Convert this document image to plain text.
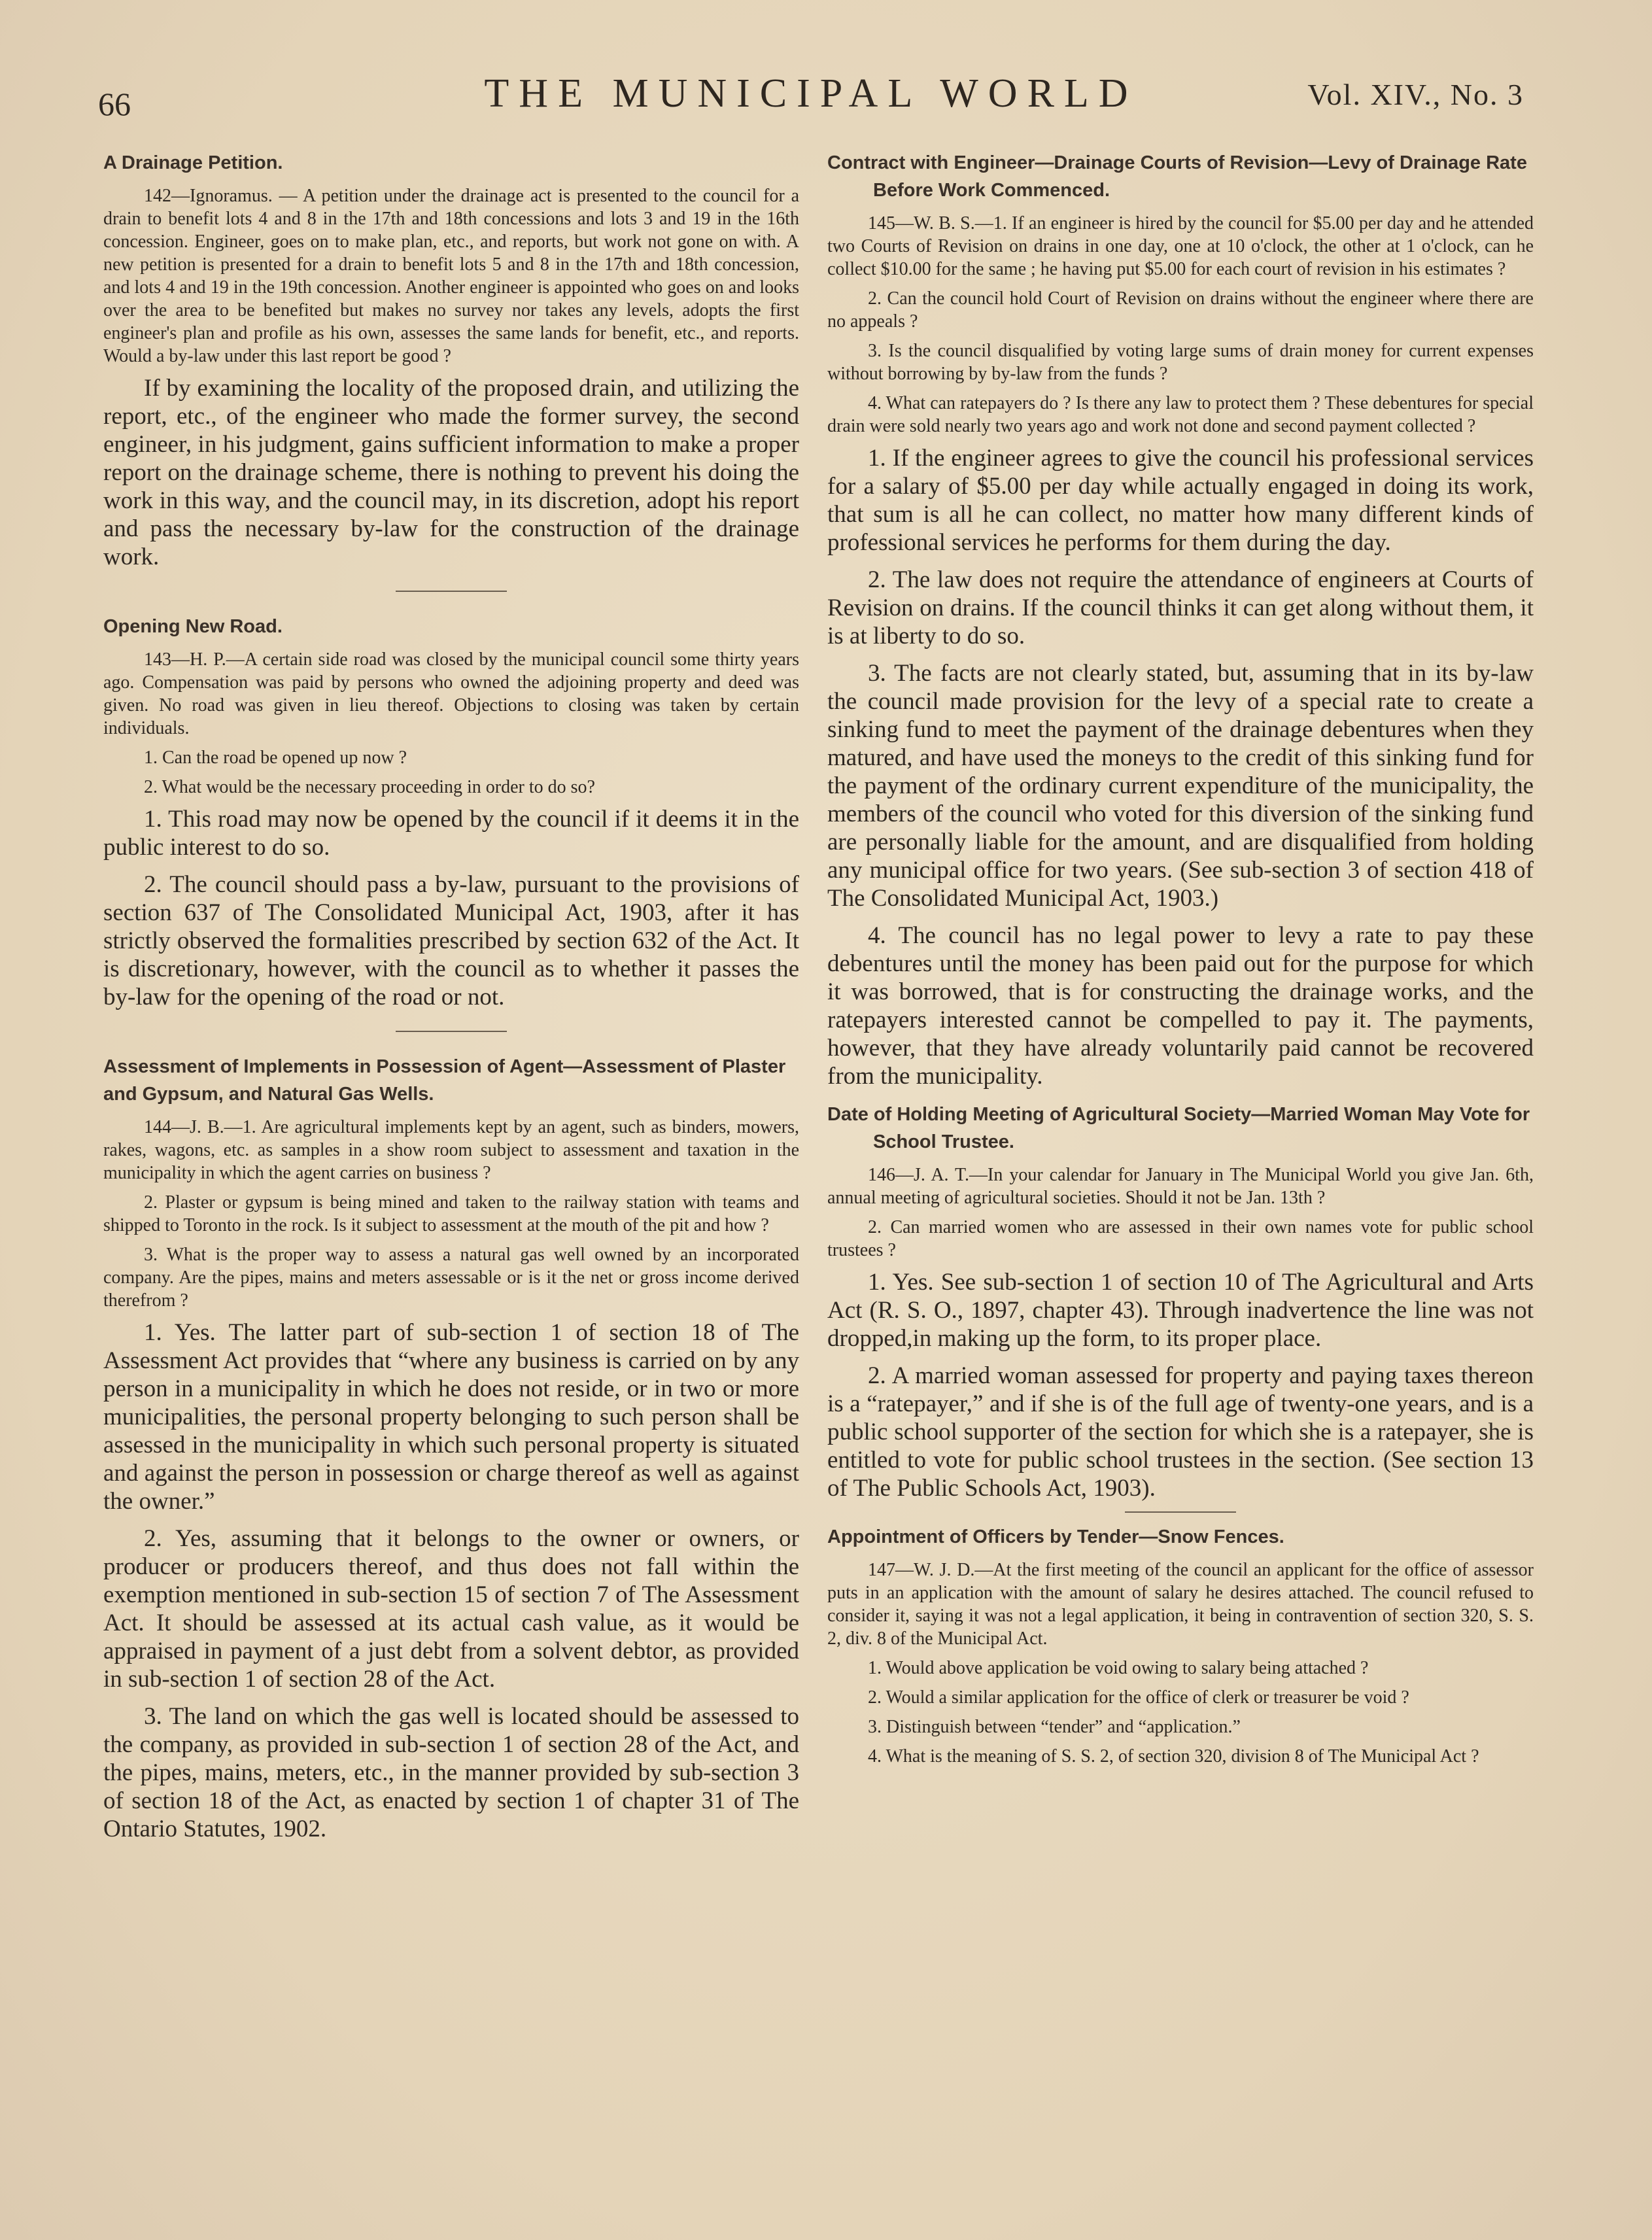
66	THE MUNICIPAL WORLD	Vol. XIV., No. 3
A Drainage Petition.

142—Ignoramus. — A petition under the drainage act is presented to the council for a drain to benefit lots 4 and 8 in the 17th and 18th concessions and lots 3 and 19 in the 16th concession. Engineer, goes on to make plan, etc., and reports, but work not gone on with. A new petition is presented for a drain to benefit lots 5 and 8 in the 17th and 18th concession, and lots 4 and 19 in the 19th concession. Another engineer is appointed who goes on and looks over the area to be benefited but makes no survey nor takes any levels, adopts the first engineer's plan and profile as his own, assesses the same lands for benefit, etc., and reports. Would a by-law under this last report be good ?

If by examining the locality of the proposed drain, and utilizing the report, etc., of the engineer who made the former survey, the second engineer, in his judgment, gains sufficient information to make a proper report on the drainage scheme, there is nothing to prevent his doing the work in this way, and the council may, in its discretion, adopt his report and pass the necessary by-law for the construction of the drainage work.

Opening New Road.

143—H. P.—A certain side road was closed by the municipal council some thirty years ago. Compensation was paid by persons who owned the adjoining property and deed was given. No road was given in lieu thereof. Objections to closing was taken by certain individuals.

1. Can the road be opened up now ?

2. What would be the necessary proceeding in order to do so?

1. This road may now be opened by the council if it deems it in the public interest to do so.

2. The council should pass a by-law, pursuant to the provisions of section 637 of The Consolidated Municipal Act, 1903, after it has strictly observed the formalities prescribed by section 632 of the Act. It is discretionary, however, with the council as to whether it passes the by-law for the opening of the road or not.

Assessment of Implements in Possession of Agent—Assessment of Plaster and Gypsum, and Natural Gas Wells.

144—J. B.—1. Are agricultural implements kept by an agent, such as binders, mowers, rakes, wagons, etc. as samples in a show room subject to assessment and taxation in the municipality in which the agent carries on business ?

2. Plaster or gypsum is being mined and taken to the railway station with teams and shipped to Toronto in the rock. Is it subject to assessment at the mouth of the pit and how ?

3. What is the proper way to assess a natural gas well owned by an incorporated company. Are the pipes, mains and meters assessable or is it the net or gross income derived therefrom ?

1. Yes. The latter part of sub-section 1 of section 18 of The Assessment Act provides that “where any business is carried on by any person in a municipality in which he does not reside, or in two or more municipalities, the personal property belonging to such person shall be assessed in the municipality in which such personal property is situated and against the person in possession or charge thereof as well as against the owner.”

2. Yes, assuming that it belongs to the owner or owners, or producer or producers thereof, and thus does not fall within the exemption mentioned in sub-section 15 of section 7 of The Assessment Act. It should be assessed at its actual cash value, as it would be appraised in payment of a just debt from a solvent debtor, as provided in sub-section 1 of section 28 of the Act.

3. The land on which the gas well is located should be assessed to the company, as provided in sub-section 1 of section 28 of the Act, and the pipes, mains, meters, etc., in the manner provided by sub-section 3 of section 18 of the Act, as enacted by section 1 of chapter 31 of The Ontario Statutes, 1902.

Contract with Engineer—Drainage Courts of Revision—Levy of Drainage Rate Before Work Commenced.

145—W. B. S.—1. If an engineer is hired by the council for $5.00 per day and he attended two Courts of Revision on drains in one day, one at 10 o'clock, the other at 1 o'clock, can he collect $10.00 for the same ; he having put $5.00 for each court of revision in his estimates ?

2. Can the council hold Court of Revision on drains without the engineer where there are no appeals ?

3. Is the council disqualified by voting large sums of drain money for current expenses without borrowing by by-law from the funds ?

4. What can ratepayers do ? Is there any law to protect them ? These debentures for special drain were sold nearly two years ago and work not done and second payment collected ?

1. If the engineer agrees to give the council his professional services for a salary of $5.00 per day while actually engaged in doing its work, that sum is all he can collect, no matter how many different kinds of professional services he performs for them during the day.

2. The law does not require the attendance of engineers at Courts of Revision on drains. If the council thinks it can get along without them, it is at liberty to do so.

3. The facts are not clearly stated, but, assuming that in its by-law the council made provision for the levy of a special rate to create a sinking fund to meet the payment of the drainage debentures when they matured, and have used the moneys to the credit of this sinking fund for the payment of the ordinary current expenditure of the municipality, the members of the council who voted for this diversion of the sinking fund are personally liable for the amount, and are disqualified from holding any municipal office for two years. (See sub-section 3 of section 418 of The Consolidated Municipal Act, 1903.)

4. The council has no legal power to levy a rate to pay these debentures until the money has been paid out for the purpose for which it was borrowed, that is for constructing the drainage works, and the ratepayers interested cannot be compelled to pay it. The payments, however, that they have already voluntarily paid cannot be recovered from the municipality.

Date of Holding Meeting of Agricultural Society—Married Woman May Vote for School Trustee.

146—J. A. T.—In your calendar for January in The Municipal World you give Jan. 6th, annual meeting of agricultural societies. Should it not be Jan. 13th ?

2. Can married women who are assessed in their own names vote for public school trustees ?

1. Yes. See sub-section 1 of section 10 of The Agricultural and Arts Act (R. S. O., 1897, chapter 43). Through inadvertence the line was not dropped,in making up the form, to its proper place.

2. A married woman assessed for property and paying taxes thereon is a “ratepayer,” and if she is of the full age of twenty-one years, and is a public school supporter of the section for which she is a ratepayer, she is entitled to vote for public school trustees in the section. (See section 13 of The Public Schools Act, 1903).

Appointment of Officers by Tender—Snow Fences.

147—W. J. D.—At the first meeting of the council an applicant for the office of assessor puts in an application with the amount of salary he desires attached. The council refused to consider it, saying it was not a legal application, it being in contravention of section 320, S. S. 2, div. 8 of the Municipal Act.

1. Would above application be void owing to salary being attached ?

2. Would a similar application for the office of clerk or treasurer be void ?

3. Distinguish between “tender” and “application.”

4. What is the meaning of S. S. 2, of section 320, division 8 of The Municipal Act ?
